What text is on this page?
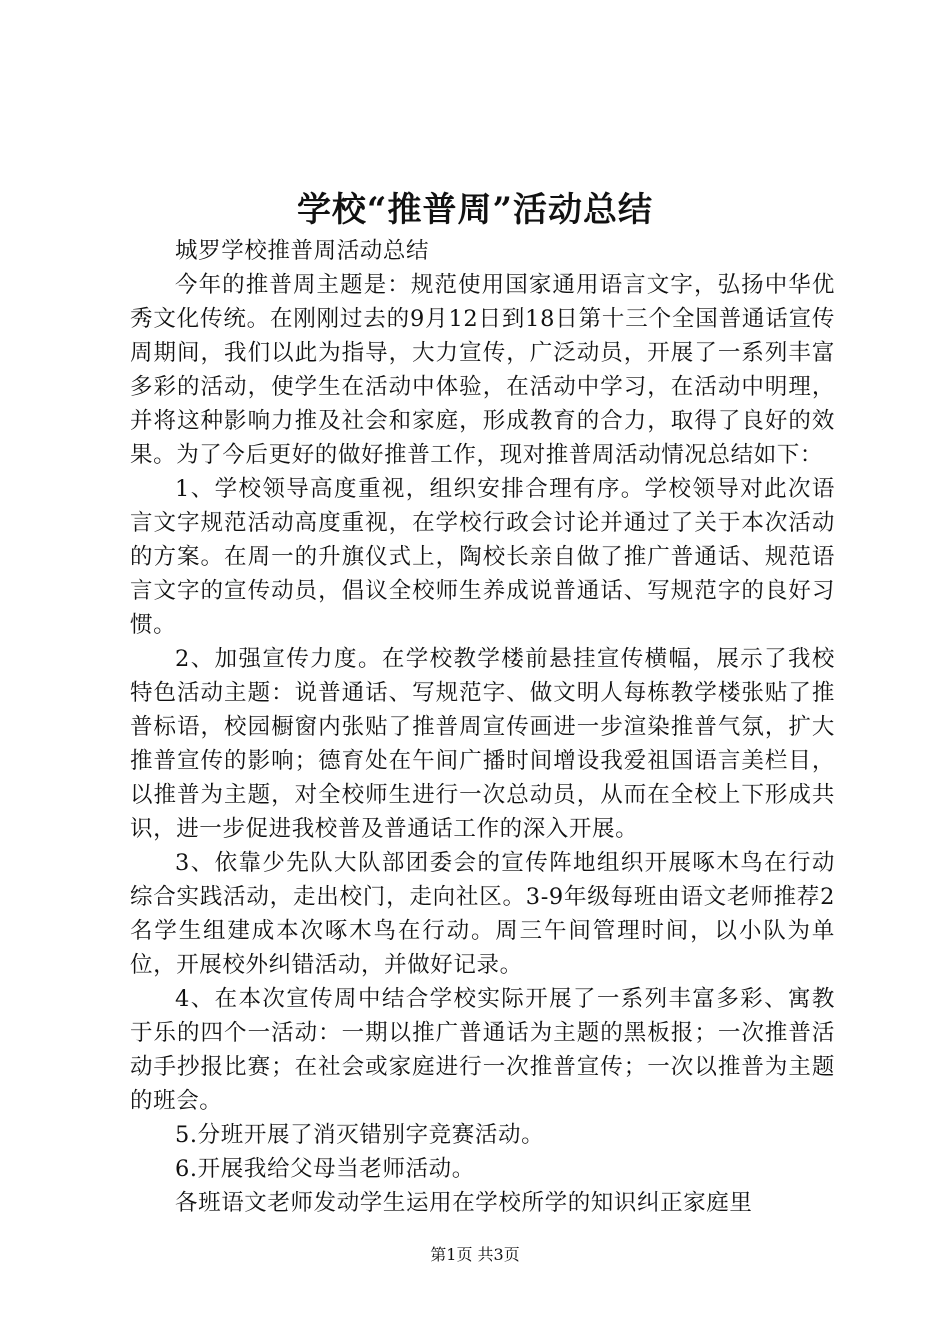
学校“推普周”活动总结

城罗学校推普周活动总结

今年的推普周主题是：规范使用国家通用语言文字，弘扬中华优秀文化传统。在刚刚过去的9月12日到18日第十三个全国普通话宣传周期间，我们以此为指导，大力宣传，广泛动员，开展了一系列丰富多彩的活动，使学生在活动中体验，在活动中学习，在活动中明理，并将这种影响力推及社会和家庭，形成教育的合力，取得了良好的效果。为了今后更好的做好推普工作，现对推普周活动情况总结如下：

1、学校领导高度重视，组织安排合理有序。学校领导对此次语言文字规范活动高度重视，在学校行政会讨论并通过了关于本次活动的方案。在周一的升旗仪式上，陶校长亲自做了推广普通话、规范语言文字的宣传动员，倡议全校师生养成说普通话、写规范字的良好习惯。

2、加强宣传力度。在学校教学楼前悬挂宣传横幅，展示了我校特色活动主题：说普通话、写规范字、做文明人每栋教学楼张贴了推普标语，校园橱窗内张贴了推普周宣传画进一步渲染推普气氛，扩大推普宣传的影响；德育处在午间广播时间增设我爱祖国语言美栏目，以推普为主题，对全校师生进行一次总动员，从而在全校上下形成共识，进一步促进我校普及普通话工作的深入开展。

3、依靠少先队大队部团委会的宣传阵地组织开展啄木鸟在行动综合实践活动，走出校门，走向社区。3-9年级每班由语文老师推荐2名学生组建成本次啄木鸟在行动。周三午间管理时间，以小队为单位，开展校外纠错活动，并做好记录。

4、在本次宣传周中结合学校实际开展了一系列丰富多彩、寓教于乐的四个一活动：一期以推广普通话为主题的黑板报；一次推普活动手抄报比赛；在社会或家庭进行一次推普宣传；一次以推普为主题的班会。

5.分班开展了消灭错别字竞赛活动。

6.开展我给父母当老师活动。

各班语文老师发动学生运用在学校所学的知识纠正家庭里

第1页 共3页
